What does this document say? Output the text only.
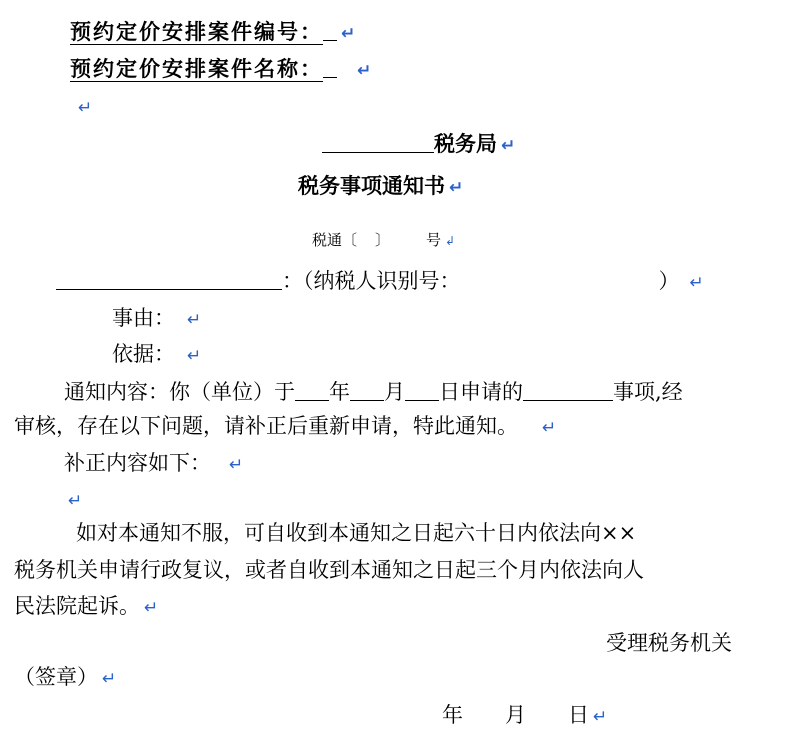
预约定价安排案件编号： ↵
预约定价安排案件名称： ↵
↵
税务局 ↵
税务事项通知书 ↵
税通〔 〕 号 ↲
：（纳税人识别号：	） ↵
事由： ↵
依据： ↵
通知内容：你（单位）于 年 月 日申请的	事项,经
审核，存在以下问题，请补正后重新申请，特此通知。 ↵
补正内容如下： ↵
↵
如对本通知不服，可自收到本通知之日起六十日内依法向××
税务机关申请行政复议，或者自收到本通知之日起三个月内依法向人
民法院起诉。 ↵
受理税务机关
（签章） ↵
年 月 日 ↵
